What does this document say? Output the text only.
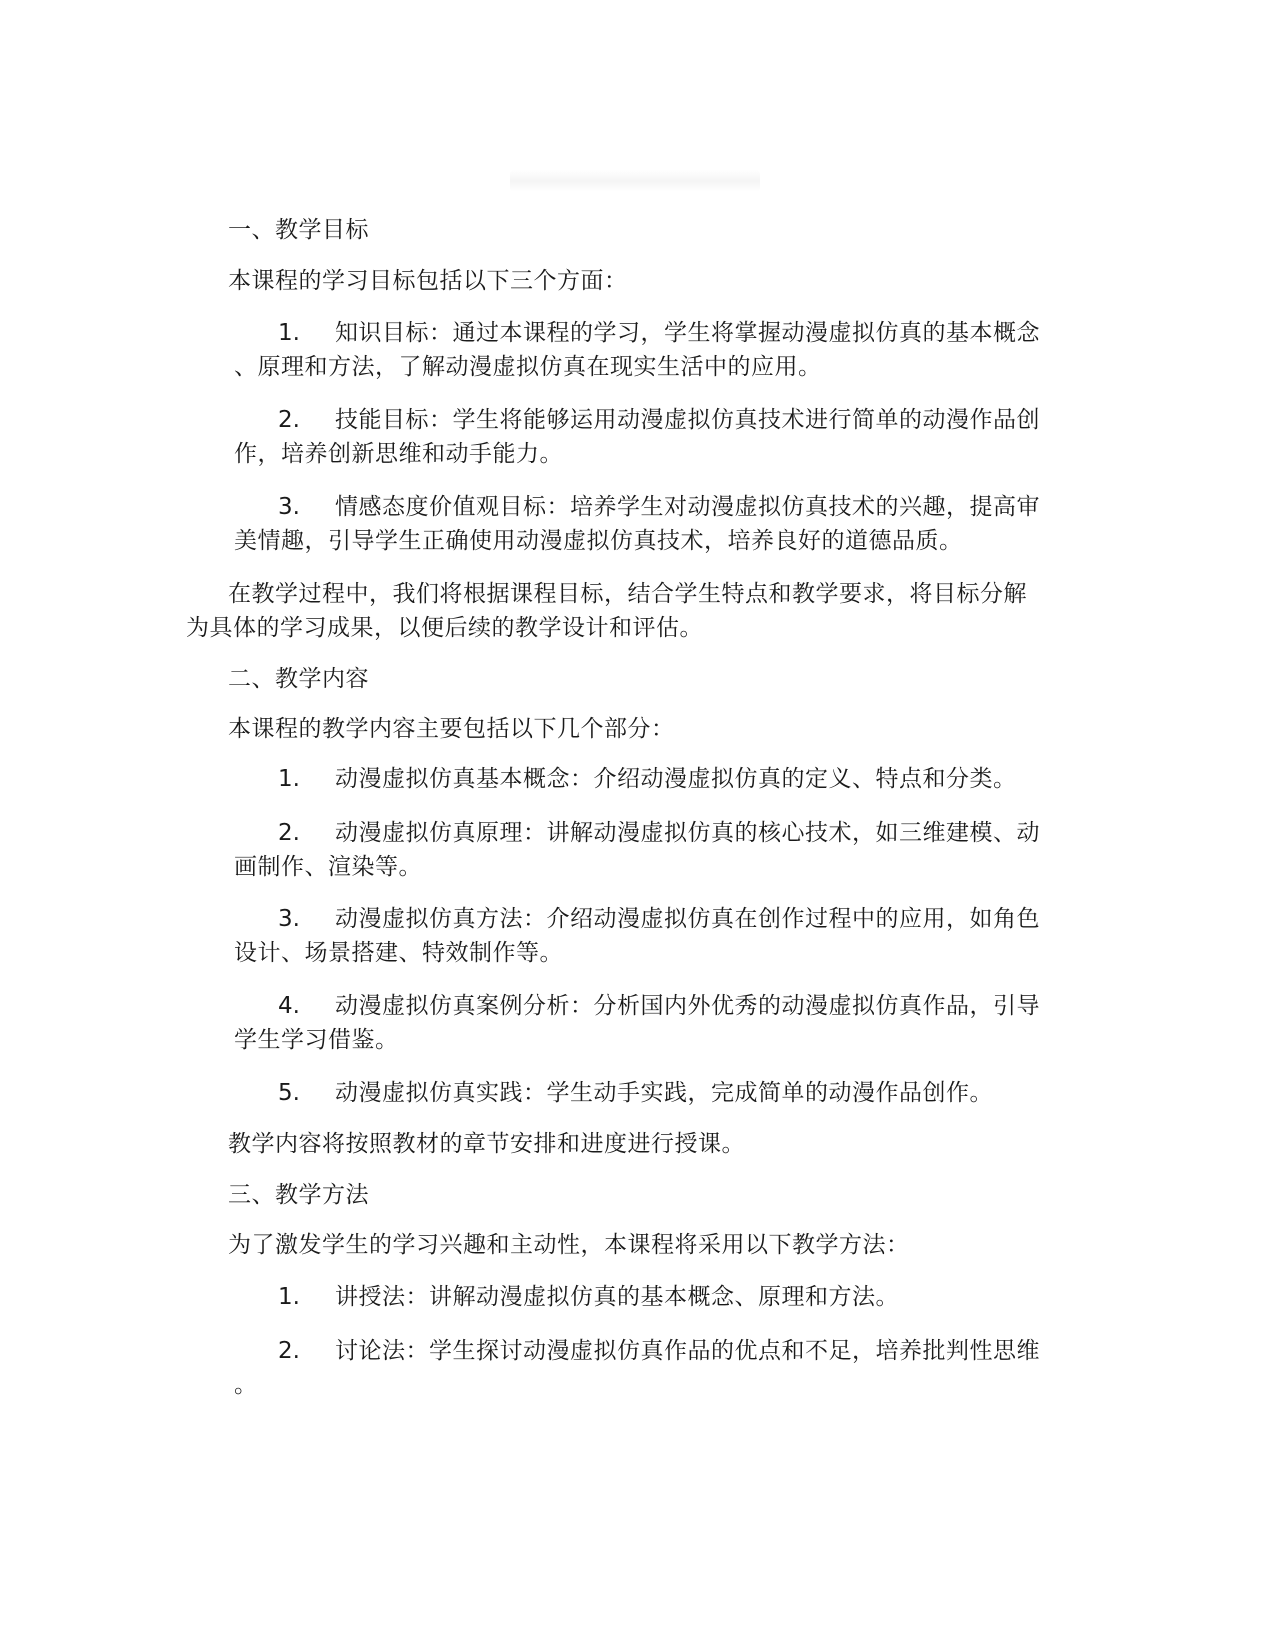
一、教学目标
本课程的学习目标包括以下三个方面：
1. 知识目标：通过本课程的学习，学生将掌握动漫虚拟仿真的基本概念
、原理和方法，了解动漫虚拟仿真在现实生活中的应用。
2. 技能目标：学生将能够运用动漫虚拟仿真技术进行简单的动漫作品创
作，培养创新思维和动手能力。
3. 情感态度价值观目标：培养学生对动漫虚拟仿真技术的兴趣，提高审
美情趣，引导学生正确使用动漫虚拟仿真技术，培养良好的道德品质。
在教学过程中，我们将根据课程目标，结合学生特点和教学要求，将目标分解
为具体的学习成果，以便后续的教学设计和评估。
二、教学内容
本课程的教学内容主要包括以下几个部分：
1. 动漫虚拟仿真基本概念：介绍动漫虚拟仿真的定义、特点和分类。
2. 动漫虚拟仿真原理：讲解动漫虚拟仿真的核心技术，如三维建模、动
画制作、渲染等。
3. 动漫虚拟仿真方法：介绍动漫虚拟仿真在创作过程中的应用，如角色
设计、场景搭建、特效制作等。
4. 动漫虚拟仿真案例分析：分析国内外优秀的动漫虚拟仿真作品，引导
学生学习借鉴。
5. 动漫虚拟仿真实践：学生动手实践，完成简单的动漫作品创作。
教学内容将按照教材的章节安排和进度进行授课。
三、教学方法
为了激发学生的学习兴趣和主动性，本课程将采用以下教学方法：
1. 讲授法：讲解动漫虚拟仿真的基本概念、原理和方法。
2. 讨论法：学生探讨动漫虚拟仿真作品的优点和不足，培养批判性思维
。
